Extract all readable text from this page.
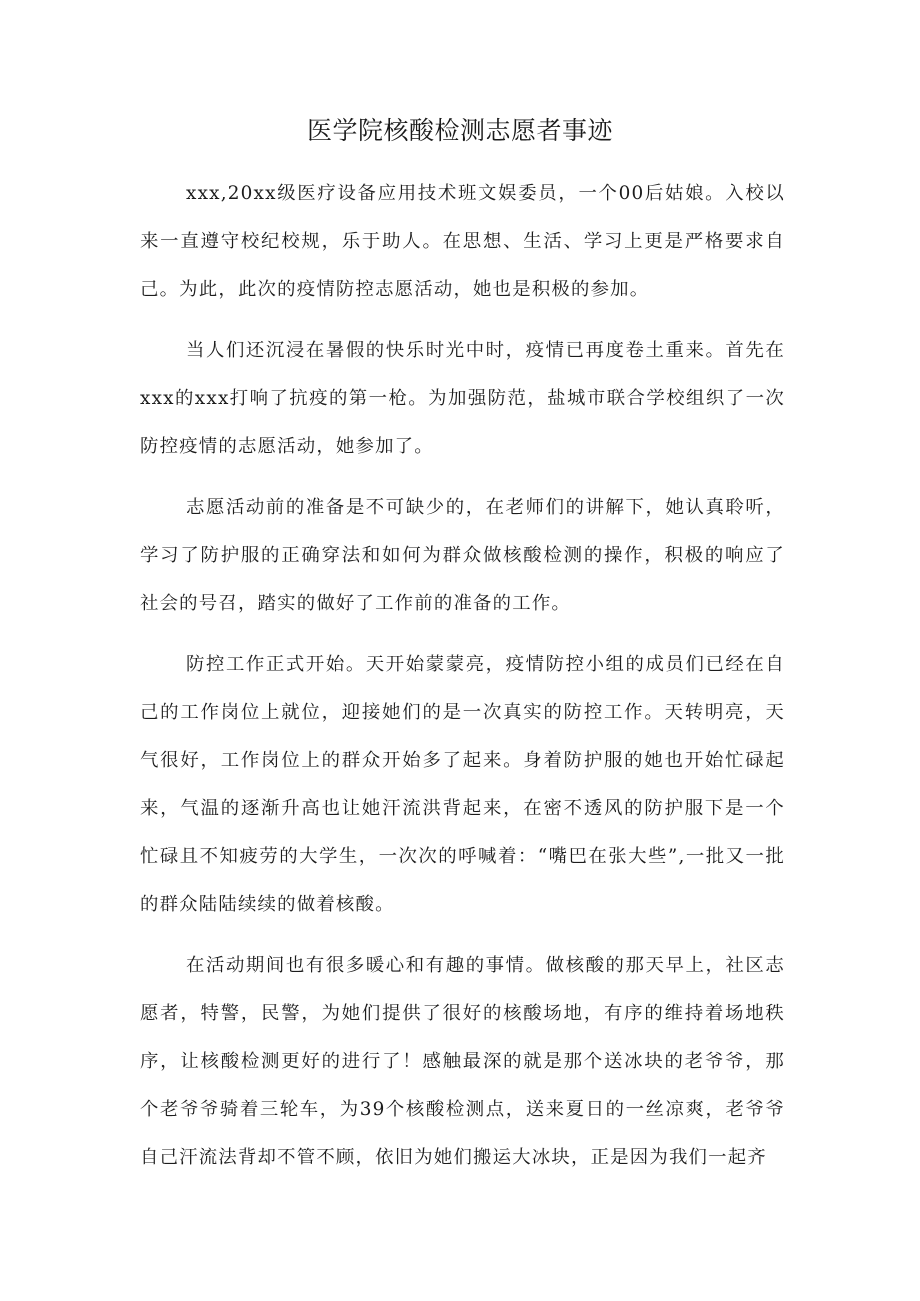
医学院核酸检测志愿者事迹

xxx,20xx级医疗设备应用技术班文娱委员，一个00后姑娘。入校以来一直遵守校纪校规，乐于助人。在思想、生活、学习上更是严格要求自己。为此，此次的疫情防控志愿活动，她也是积极的参加。

当人们还沉浸在暑假的快乐时光中时，疫情已再度卷土重来。首先在xxx的xxx打响了抗疫的第一枪。为加强防范，盐城市联合学校组织了一次防控疫情的志愿活动，她参加了。

志愿活动前的准备是不可缺少的，在老师们的讲解下，她认真聆听，学习了防护服的正确穿法和如何为群众做核酸检测的操作，积极的响应了社会的号召，踏实的做好了工作前的准备的工作。

防控工作正式开始。天开始蒙蒙亮，疫情防控小组的成员们已经在自己的工作岗位上就位，迎接她们的是一次真实的防控工作。天转明亮，天气很好，工作岗位上的群众开始多了起来。身着防护服的她也开始忙碌起来，气温的逐渐升高也让她汗流洪背起来，在密不透风的防护服下是一个忙碌且不知疲劳的大学生，一次次的呼喊着：“嘴巴在张大些”,一批又一批的群众陆陆续续的做着核酸。

在活动期间也有很多暖心和有趣的事情。做核酸的那天早上，社区志愿者，特警，民警，为她们提供了很好的核酸场地，有序的维持着场地秩序，让核酸检测更好的进行了！感触最深的就是那个送冰块的老爷爷，那个老爷爷骑着三轮车，为39个核酸检测点，送来夏日的一丝凉爽，老爷爷自己汗流法背却不管不顾，依旧为她们搬运大冰块，正是因为我们一起齐
